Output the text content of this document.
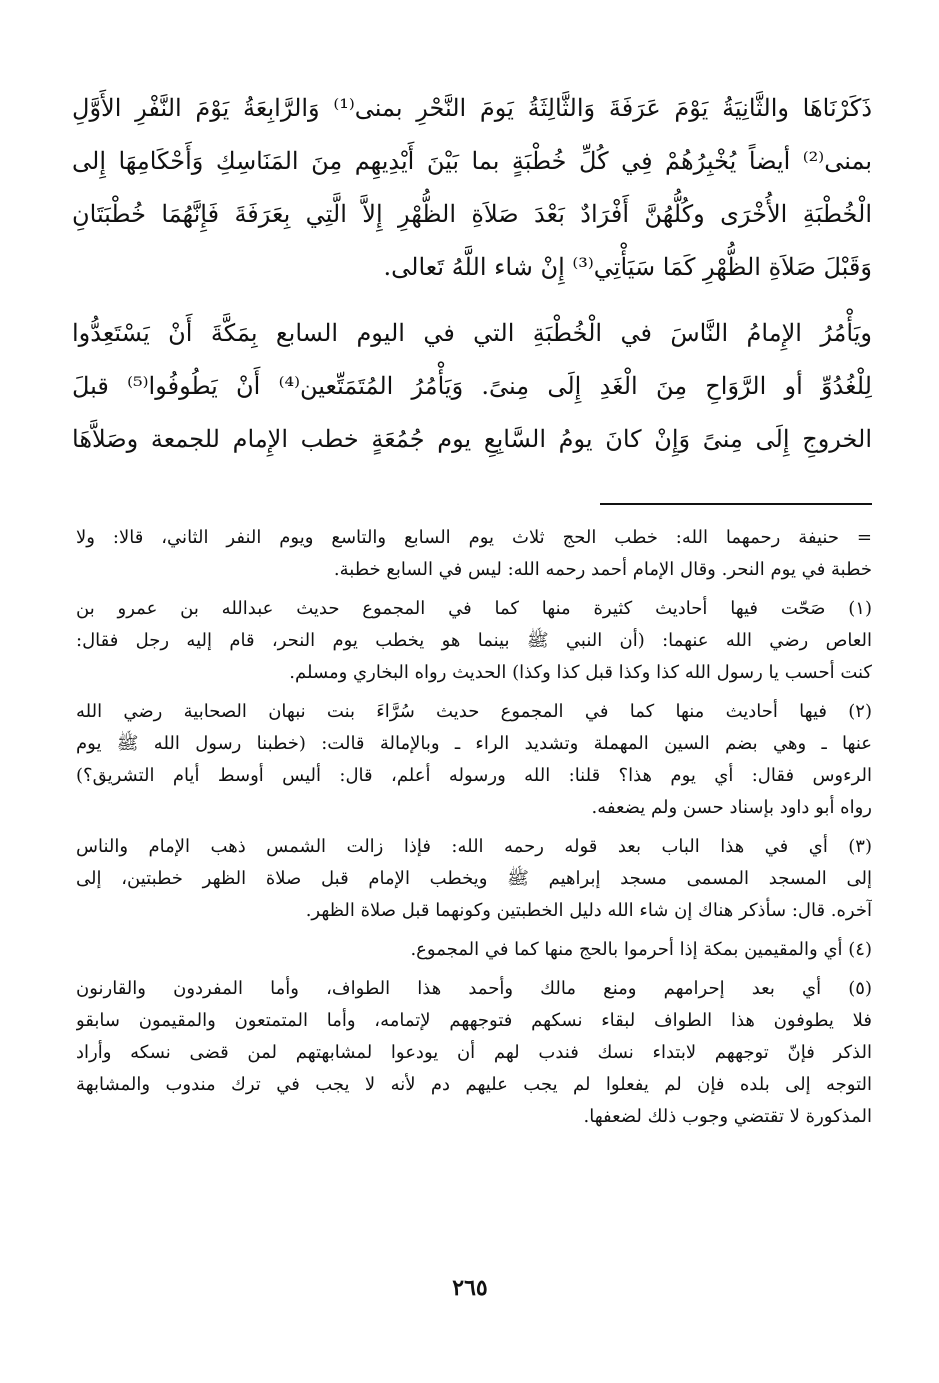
ذَكَرْنَاهَا والثَّانِيَةُ يَوْمَ عَرَفَةَ وَالثَّالِثَةُ يَومَ النَّحْرِ بمنى⁽¹⁾ وَالرَّابِعَةُ يَوْمَ النَّفْرِ الأَوَّلِ
بمنى⁽²⁾ أيضاً يُخْبِرُهُمْ فِي كُلِّ خُطْبَةٍ بما بَيْنَ أَيْدِيهِم مِنَ المَنَاسِكِ وَأَحْكَامِهَا إِلى
الْخُطْبَةِ الأُخْرَى وكُلُّهُنَّ أَفْرَادٌ بَعْدَ صَلاَةِ الظُّهْرِ إِلاَّ الَّتِي بِعَرَفَةَ فَإِنَّهُمَا خُطْبَتَانِ
وَقَبْلَ صَلاَةِ الظُّهْرِ كَمَا سَيَأْتِي⁽³⁾ إِنْ شاء اللَّهُ تَعالى.
ويَأْمُرُ الإِمامُ النَّاسَ في الْخُطْبَةِ التي في اليوم السابع بِمَكَّةَ أَنْ يَسْتَعِدُّوا
لِلْغُدُوِّ أو الرَّوَاحِ مِنَ الْغَدِ إِلَى مِنىً. وَيَأْمُرُ المُتَمَتِّعين⁽⁴⁾ أَنْ يَطُوفُوا⁽⁵⁾ قبلَ
الخروجِ إِلَى مِنىً وَإِنْ كانَ يومُ السَّابِعِ يوم جُمُعَةٍ خطب الإِمام للجمعة وصَلاَّهَا
= حنيفة رحمهما الله: خطب الحج ثلاث يوم السابع والتاسع ويوم النفر الثاني، قالا: ولا
خطبة في يوم النحر. وقال الإمام أحمد رحمه الله: ليس في السابع خطبة.
(١) صَحّت فيها أحاديث كثيرة منها كما في المجموع حديث عبدالله بن عمرو بن
العاص رضي الله عنهما: (أن النبي ﷺ بينما هو يخطب يوم النحر، قام إليه رجل فقال:
كنت أحسب يا رسول الله كذا وكذا قبل كذا وكذا) الحديث رواه البخاري ومسلم.
(٢) فيها أحاديث منها كما في المجموع حديث سُرَّاءَ بنت نبهان الصحابية رضي الله
عنها ـ وهي بضم السين المهملة وتشديد الراء ـ وبالإمالة قالت: (خطبنا رسول الله ﷺ يوم
الرءوس فقال: أي يوم هذا؟ قلنا: الله ورسوله أعلم، قال: أليس أوسط أيام التشريق؟)
رواه أبو داود بإسناد حسن ولم يضعفه.
(٣) أي في هذا الباب بعد قوله رحمه الله: فإذا زالت الشمس ذهب الإمام والناس
إلى المسجد المسمى مسجد إبراهيم ﷺ ويخطب الإمام قبل صلاة الظهر خطبتين، إلى
آخره. قال: سأذكر هناك إن شاء الله دليل الخطبتين وكونهما قبل صلاة الظهر.
(٤) أي والمقيمين بمكة إذا أحرموا بالحج منها كما في المجموع.
(٥) أي بعد إحرامهم ومنع مالك وأحمد هذا الطواف، وأما المفردون والقارنون
فلا يطوفون هذا الطواف لبقاء نسكهم فتوجههم لإتمامه، وأما المتمتعون والمقيمون سابقو
الذكر فإنّ توجههم لابتداء نسك فندب لهم أن يودعوا لمشابهتهم لمن قضى نسكه وأراد
التوجه إلى بلده فإن لم يفعلوا لم يجب عليهم دم لأنه لا يجب في ترك مندوب والمشابهة
المذكورة لا تقتضي وجوب ذلك لضعفها.
٢٦٥
